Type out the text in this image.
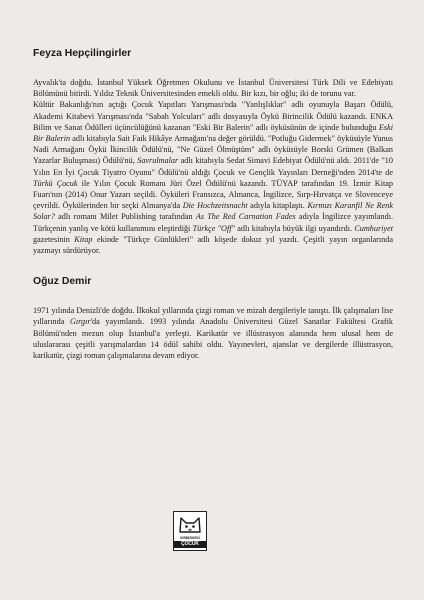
Feyza Hepçilingirler

Ayvalık'ta doğdu. İstanbul Yüksek Öğretmen Okulunu ve İstanbul Üniversitesi Türk Dili ve Edebiyatı Bölümünü bitirdi. Yıldız Teknik Üniversitesinden emekli oldu. Bir kızı, bir oğlu; iki de torunu var.

Kültür Bakanlığı'nın açtığı Çocuk Yapıtları Yarışması'nda "Yanlışlıklar" adlı oyunuyla Başarı Ödülü, Akademi Kitabevi Yarışması'nda "Sabah Yolcuları" adlı dosyasıyla Öykü Birincilik Ödülü kazandı. ENKA Bilim ve Sanat Ödülleri üçüncülüğünü kazanan "Eski Bir Balerin" adlı öyküsünün de içinde bulunduğu Eski Bir Balerin adlı kitabıyla Sait Faik Hikâye Armağanı'na değer görüldü. "Potluğu Gidermek" öyküsüyle Yunus Nadi Armağanı Öykü İkincilik Ödülü'nü, "Ne Güzel Ölmüştüm" adlı öyküsüyle Borski Grümen (Balkan Yazarlar Buluşması) Ödülü'nü, Savrulmalar adlı kitabıyla Sedat Simavi Edebiyat Ödülü'nü aldı. 2011'de "10 Yılın En İyi Çocuk Tiyatro Oyunu" Ödülü'nü aldığı Çocuk ve Gençlik Yayınları Derneği'nden 2014'te de Türkü Çocuk ile Yılın Çocuk Romanı Jüri Özel Ödülü'nü kazandı. TÜYAP tarafından 19. İzmir Kitap Fuarı'nın (2014) Onur Yazarı seçildi. Öyküleri Fransızca, Almanca, İngilizce, Sırp-Hırvatça ve Slovenceye çevrildi. Öykülerinden bir seçki Almanya'da Die Hochzeitsnacht adıyla kitaplaştı. Kırmızı Karanfil Ne Renk Solar? adlı romanı Milet Publishing tarafından As The Red Carnation Fades adıyla İngilizce yayımlandı. Türkçenin yanlış ve kötü kullanımını eleştirdiği Türkçe "Off" adlı kitabıyla büyük ilgi uyandırdı. Cumhuriyet gazetesinin Kitap ekinde "Türkçe Günlükleri" adlı köşede dokuz yıl yazdı. Çeşitli yayın organlarında yazmayı sürdürüyor.

Oğuz Demir

1971 yılında Denizli'de doğdu. İlkokul yıllarında çizgi roman ve mizah dergileriyle tanıştı. İlk çalışmaları lise yıllarında Gırgır'da yayımlandı. 1993 yılında Anadolu Üniversitesi Güzel Sanatlar Fakültesi Grafik Bölümü'nden mezun olup İstanbul'a yerleşti. Karikatür ve illüstrasyon alanında hem ulusal hem de uluslararası çeşitli yarışmalardan 14 ödül sahibi oldu. Yayınevleri, ajanslar ve dergilerde illüstrasyon, karikatür, çizgi roman çalışmalarına devam ediyor.

KIRMIZIKEDİ
ÇOCUK
